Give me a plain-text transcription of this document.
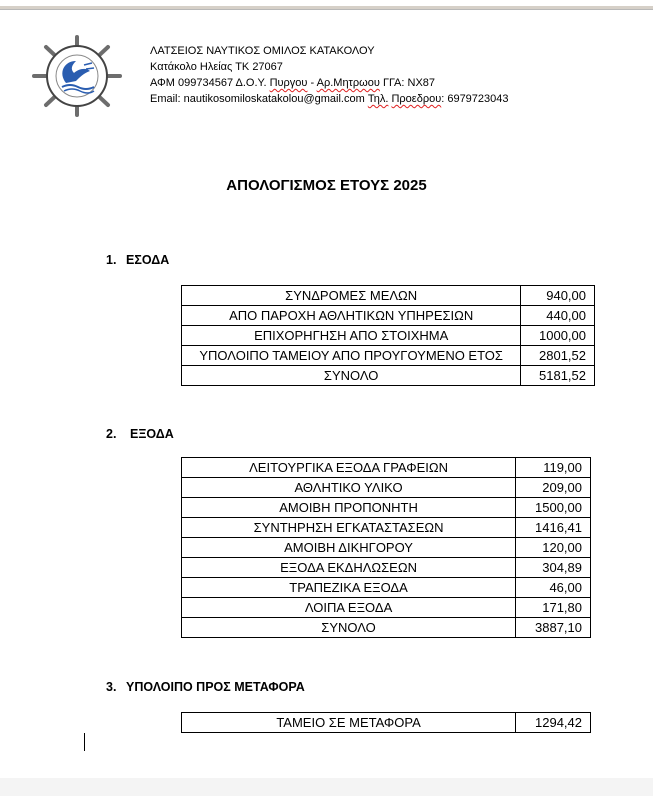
ΛΑΤΣΕΙΟΣ ΝΑΥΤΙΚΟΣ ΟΜΙΛΟΣ ΚΑΤΑΚΟΛΟΥ
Κατάκολο Ηλείας ΤΚ 27067
ΑΦΜ 099734567 Δ.Ο.Υ. Πυργου - Αρ.Μητρωου ΓΓΑ: ΝΧ87
Email: nautikosomiloskatakolou@gmail.com Τηλ. Προεδρου: 6979723043
ΑΠΟΛΟΓΙΣΜΟΣ ΕΤΟΥΣ 2025
1. ΕΣΟΔΑ
ΣΥΝΔΡΟΜΕΣ ΜΕΛΩΝ	940,00
ΑΠΟ ΠΑΡΟΧΗ ΑΘΛΗΤΙΚΩΝ ΥΠΗΡΕΣΙΩΝ	440,00
ΕΠΙΧΟΡΗΓΗΣΗ ΑΠΟ ΣΤΟΙΧΗΜΑ	1000,00
ΥΠΟΛΟΙΠΟ ΤΑΜΕΙΟΥ ΑΠΟ ΠΡΟΥΓΟΥΜΕΝΟ ΕΤΟΣ	2801,52
ΣΥΝΟΛΟ	5181,52
2. ΕΞΟΔΑ
ΛΕΙΤΟΥΡΓΙΚΑ ΕΞΟΔΑ ΓΡΑΦΕΙΩΝ	119,00
ΑΘΛΗΤΙΚΟ ΥΛΙΚΟ	209,00
ΑΜΟΙΒΗ ΠΡΟΠΟΝΗΤΗ	1500,00
ΣΥΝΤΗΡΗΣΗ ΕΓΚΑΤΑΣΤΑΣΕΩΝ	1416,41
ΑΜΟΙΒΗ ΔΙΚΗΓΟΡΟΥ	120,00
ΕΞΟΔΑ ΕΚΔΗΛΩΣΕΩΝ	304,89
ΤΡΑΠΕΖΙΚΑ ΕΞΟΔΑ	46,00
ΛΟΙΠΑ ΕΞΟΔΑ	171,80
ΣΥΝΟΛΟ	3887,10
3. ΥΠΟΛΟΙΠΟ ΠΡΟΣ ΜΕΤΑΦΟΡΑ
ΤΑΜΕΙΟ ΣΕ ΜΕΤΑΦΟΡΑ	1294,42
